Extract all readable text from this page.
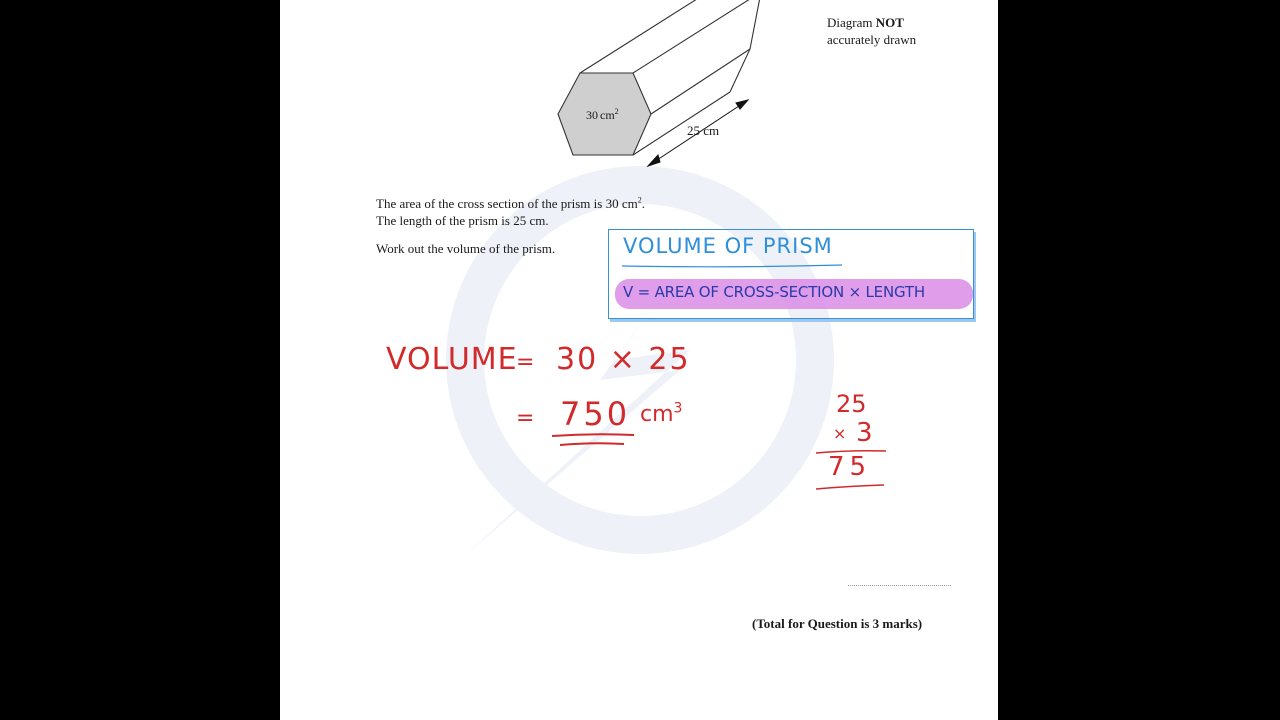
30 $cm^2$
25 cm
Diagram NOT
accurately drawn
The area of the cross section of the prism is 30 $cm^2$.
The length of the prism is 25 cm.
Work out the volume of the prism.	VOLUME OF PRISM
V = AREA OF CROSS-SECTION × LENGTH
VOLUME
= 30 × 25
= 750 $cm^3$	25
× 3
75
(Total for Question is 3 marks)
